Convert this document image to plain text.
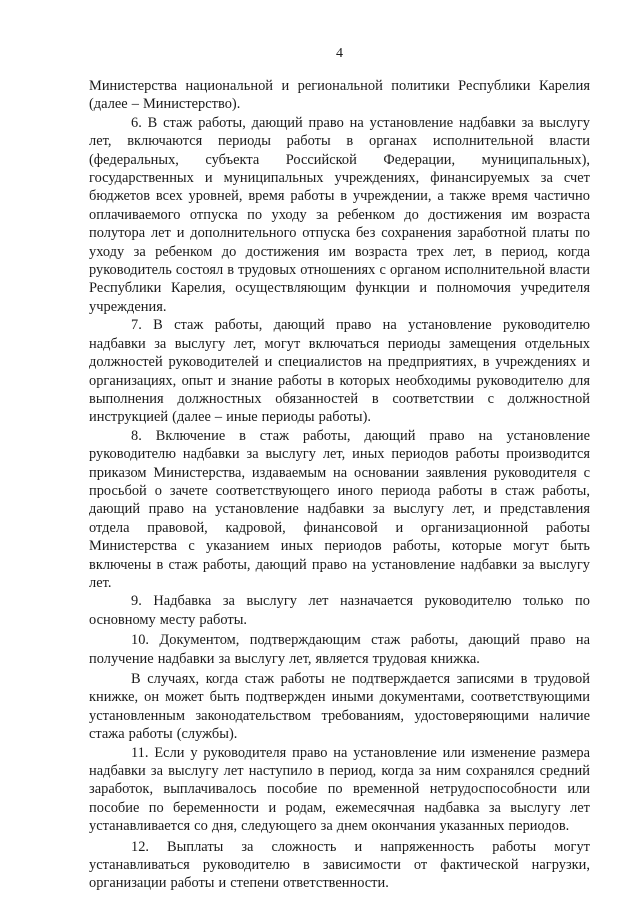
4

Министерства национальной и региональной политики Республики Карелия (далее – Министерство).

6. В стаж работы, дающий право на установление надбавки за выслугу лет, включаются периоды работы в органах исполнительной власти (федеральных, субъекта Российской Федерации, муниципальных), государственных и муниципальных учреждениях, финансируемых за счет бюджетов всех уровней, время работы в учреждении, а также время частично оплачиваемого отпуска по уходу за ребенком до достижения им возраста полутора лет и дополнительного отпуска без сохранения заработной платы по уходу за ребенком до достижения им возраста трех лет, в период, когда руководитель состоял в трудовых отношениях с органом исполнительной власти Республики Карелия, осуществляющим функции и полномочия учредителя учреждения.

7. В стаж работы, дающий право на установление руководителю надбавки за выслугу лет, могут включаться периоды замещения отдельных должностей руководителей и специалистов на предприятиях, в учреждениях и организациях, опыт и знание работы в которых необходимы руководителю для выполнения должностных обязанностей в соответствии с должностной инструкцией (далее – иные периоды работы).

8. Включение в стаж работы, дающий право на установление руководителю надбавки за выслугу лет, иных периодов работы производится приказом Министерства, издаваемым на основании заявления руководителя с просьбой о зачете соответствующего иного периода работы в стаж работы, дающий право на установление надбавки за выслугу лет, и представления отдела правовой, кадровой, финансовой и организационной работы Министерства с указанием иных периодов работы, которые могут быть включены в стаж работы, дающий право на установление надбавки за выслугу лет.

9. Надбавка за выслугу лет назначается руководителю только по основному месту работы.

10. Документом, подтверждающим стаж работы, дающий право на получение надбавки за выслугу лет, является трудовая книжка.

В случаях, когда стаж работы не подтверждается записями в трудовой книжке, он может быть подтвержден иными документами, соответствующими установленным законодательством требованиям, удостоверяющими наличие стажа работы (службы).

11. Если у руководителя право на установление или изменение размера надбавки за выслугу лет наступило в период, когда за ним сохранялся средний заработок, выплачивалось пособие по временной нетрудоспособности или пособие по беременности и родам, ежемесячная надбавка за выслугу лет устанавливается со дня, следующего за днем окончания указанных периодов.

12. Выплаты за сложность и напряженность работы могут устанавливаться руководителю в зависимости от фактической нагрузки, организации работы и степени ответственности.
